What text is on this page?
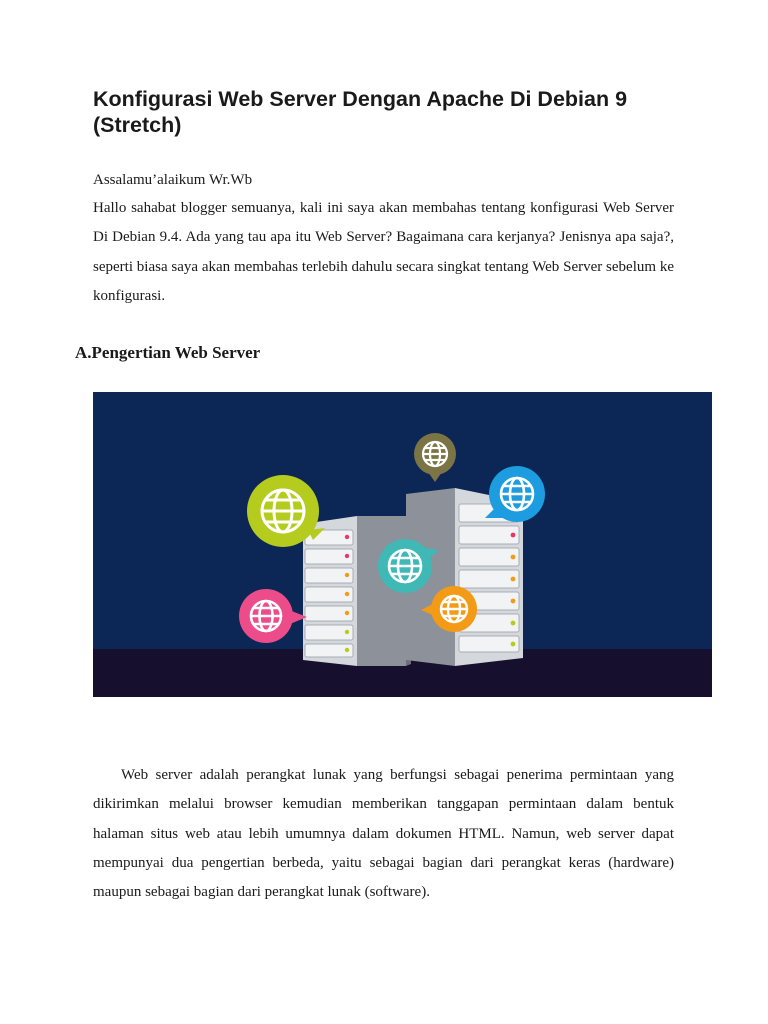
Konfigurasi Web Server Dengan Apache Di Debian 9 (Stretch)

Assalamu’alaikum Wr.Wb

Hallo sahabat blogger semuanya, kali ini saya akan membahas tentang konfigurasi Web Server Di Debian 9.4. Ada yang tau apa itu Web Server? Bagaimana cara kerjanya? Jenisnya apa saja?, seperti biasa saya akan membahas terlebih dahulu secara singkat tentang Web Server sebelum ke konfigurasi.

A.Pengertian Web Server

Web server adalah perangkat lunak yang berfungsi sebagai penerima permintaan yang dikirimkan melalui browser kemudian memberikan tanggapan permintaan dalam bentuk halaman situs web atau lebih umumnya dalam dokumen HTML. Namun, web server dapat mempunyai dua pengertian berbeda, yaitu sebagai bagian dari perangkat keras (hardware) maupun sebagai bagian dari perangkat lunak (software).
